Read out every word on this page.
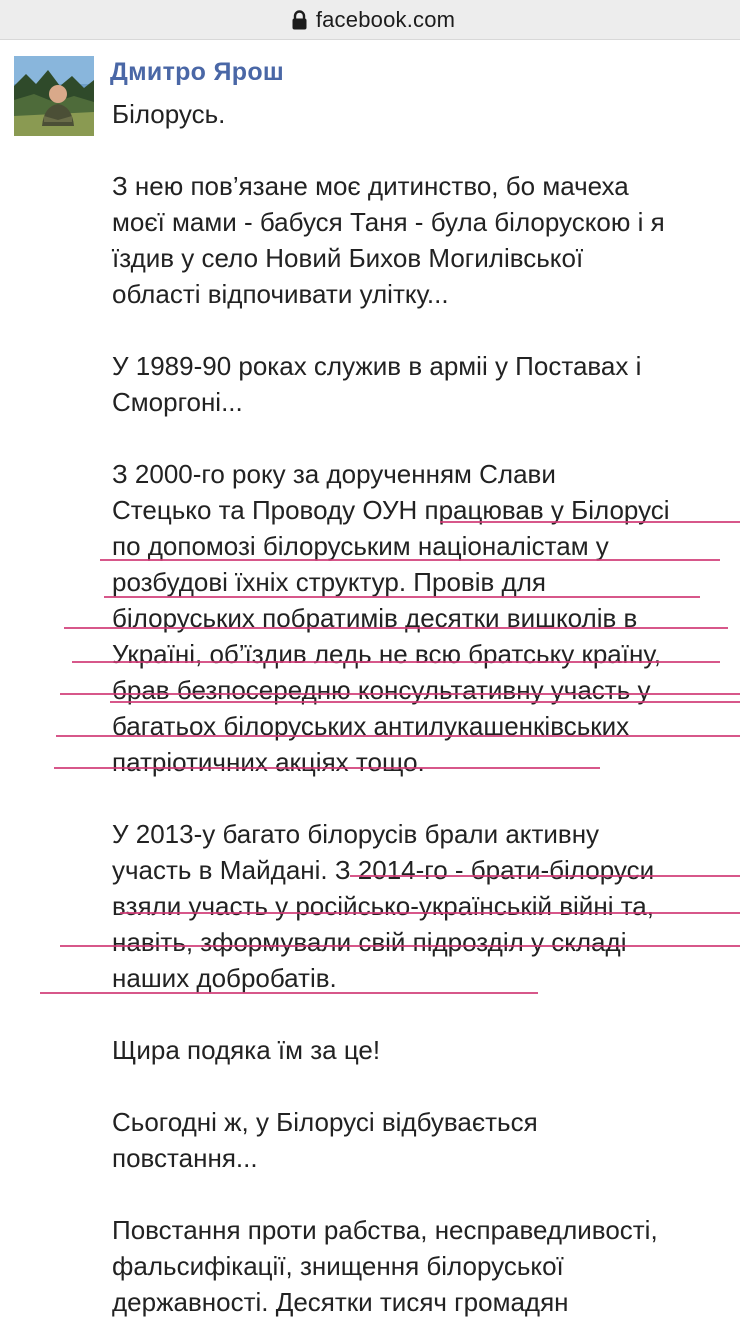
facebook.com
Дмитро Ярош
Білорусь.
З нею пов’язане моє дитинство, бо мачеха
моєї мами - бабуся Таня - була білорускою і я
їздив у село Новий Бихов Могилівської
області відпочивати улітку...
У 1989-90 роках служив в арміі у Поставах і
Сморгоні...
З 2000-го року за дорученням Слави
Стецько та Проводу ОУН працював у Білорусі
по допомозі білоруським націоналістам у
розбудові їхніх структур. Провів для
білоруських побратимів десятки вишколів в
Україні, об’їздив ледь не всю братську країну,
брав безпосередню консультативну участь у
багатьох білоруських антилукашенківських
патріотичних акціях тощо.
У 2013-у багато білорусів брали активну
участь в Майдані. З 2014-го - брати-білоруси
взяли участь у російсько-українській війні та,
навіть, зформували свій підрозділ у складі
наших добробатів.
Щира подяка їм за це!
Сьогодні ж, у Білорусі відбувається
повстання...
Повстання проти рабства, несправедливості,
фальсифікації, знищення білоруської
державності. Десятки тисяч громадян
